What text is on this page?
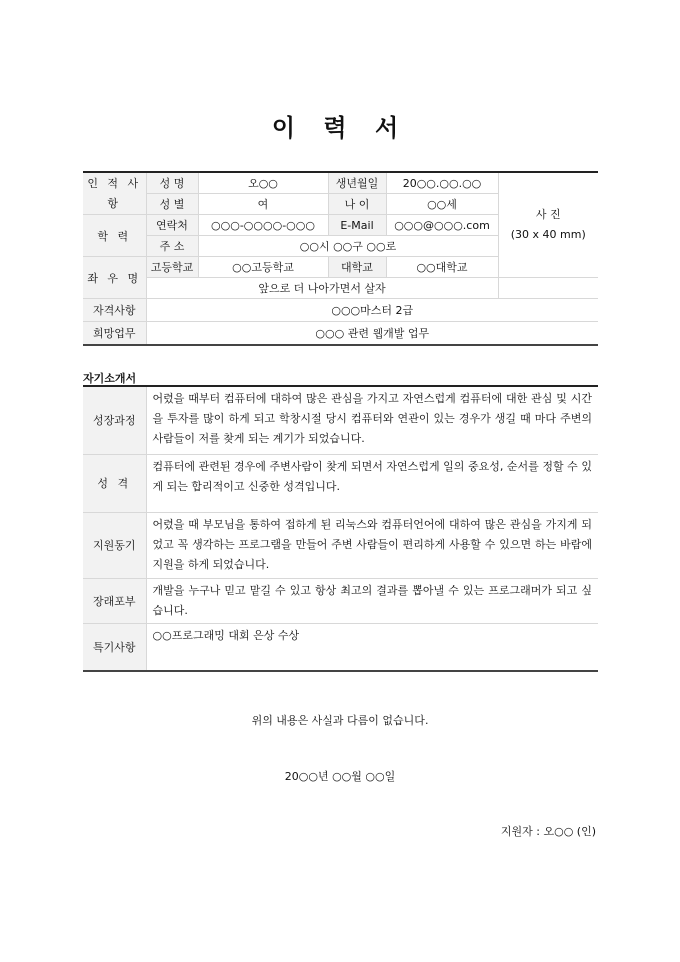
이 력 서
인 적 사 항	성 명	오○○	생년월일	20○○.○○.○○	사 진
(30 x 40 mm)

	성 별	여	나 이	○○세	
학 력	연락처	○○○-○○○○-○○○	E-Mail	○○○@○○○.com	
	주 소	○○시 ○○구 ○○로			
좌 우 명	고등학교	○○고등학교	대학교	○○대학교	
	앞으로 더 나아가면서 살자				
자격사항	○○○마스터 2급				
희망업무	○○○ 관련 웹개발 업무				
자기소개서
성장과정	어렸을 때부터 컴퓨터에 대하여 많은 관심을 가지고 자연스럽게 컴퓨터에 대한 관심 및 시간을 투자를 많이 하게 되고 학창시절 당시 컴퓨터와 연관이 있는 경우가 생길 때 마다 주변의 사람들이 저를 찾게 되는 계기가 되었습니다.
성 격	컴퓨터에 관련된 경우에 주변사람이 찾게 되면서 자연스럽게 일의 중요성, 순서를 정할 수 있게 되는 합리적이고 신중한 성격입니다.
지원동기	어렸을 때 부모님을 통하여 접하게 된 리눅스와 컴퓨터언어에 대하여 많은 관심을 가지게 되었고 꼭 생각하는 프로그램을 만들어 주변 사람들이 편리하게 사용할 수 있으면 하는 바람에 지원을 하게 되었습니다.
장래포부	개발을 누구나 믿고 맡길 수 있고 항상 최고의 결과를 뽑아낼 수 있는 프로그래머가 되고 싶습니다.
특기사항	○○프로그래밍 대회 은상 수상
위의 내용은 사실과 다름이 없습니다.
20○○년 ○○월 ○○일
지원자 : 오○○ (인)
